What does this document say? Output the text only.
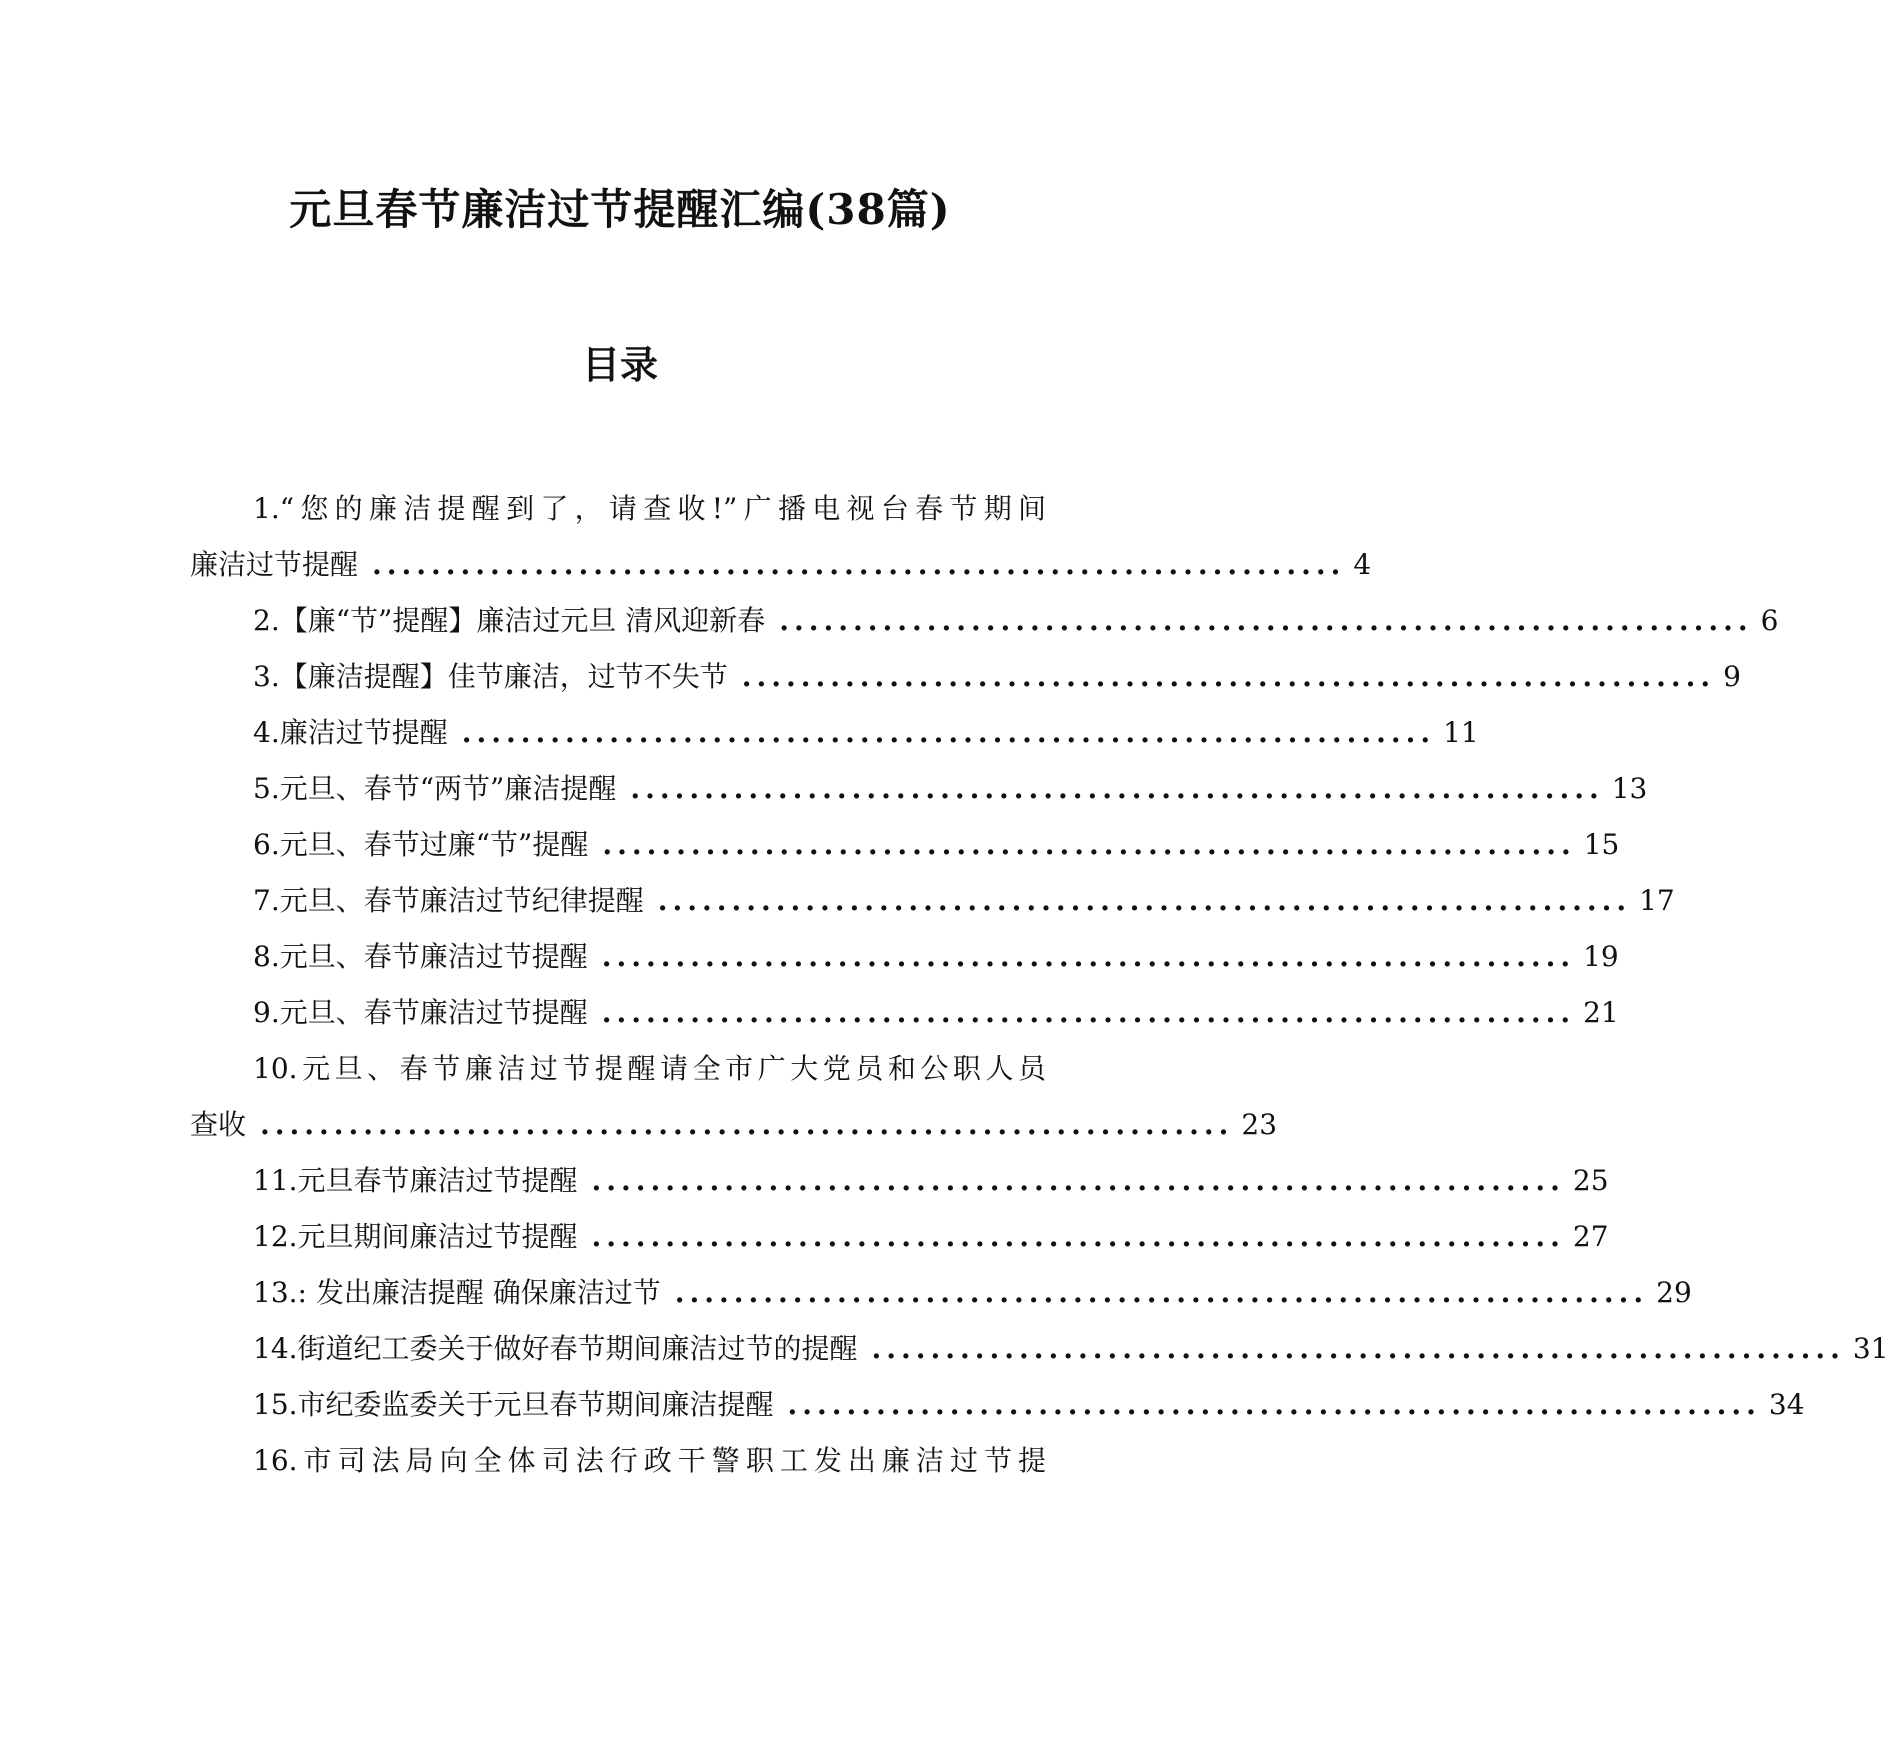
元旦春节廉洁过节提醒汇编(38篇)
目录
1.“您的廉洁提醒到了，请查收!”广播电视台春节期间
廉洁过节提醒 .................................................................. 4
2.【廉“节”提醒】廉洁过元旦 清风迎新春 .................................................................. 6
3.【廉洁提醒】佳节廉洁，过节不失节 .................................................................. 9
4.廉洁过节提醒 .................................................................. 11
5.元旦、春节“两节”廉洁提醒 .................................................................. 13
6.元旦、春节过廉“节”提醒 .................................................................. 15
7.元旦、春节廉洁过节纪律提醒 .................................................................. 17
8.元旦、春节廉洁过节提醒 .................................................................. 19
9.元旦、春节廉洁过节提醒 .................................................................. 21
10.元旦、春节廉洁过节提醒请全市广大党员和公职人员
查收 .................................................................. 23
11.元旦春节廉洁过节提醒 .................................................................. 25
12.元旦期间廉洁过节提醒 .................................................................. 27
13.: 发出廉洁提醒 确保廉洁过节 .................................................................. 29
14.街道纪工委关于做好春节期间廉洁过节的提醒 .................................................................. 31
15.市纪委监委关于元旦春节期间廉洁提醒 .................................................................. 34
16.市司法局向全体司法行政干警职工发出廉洁过节提
